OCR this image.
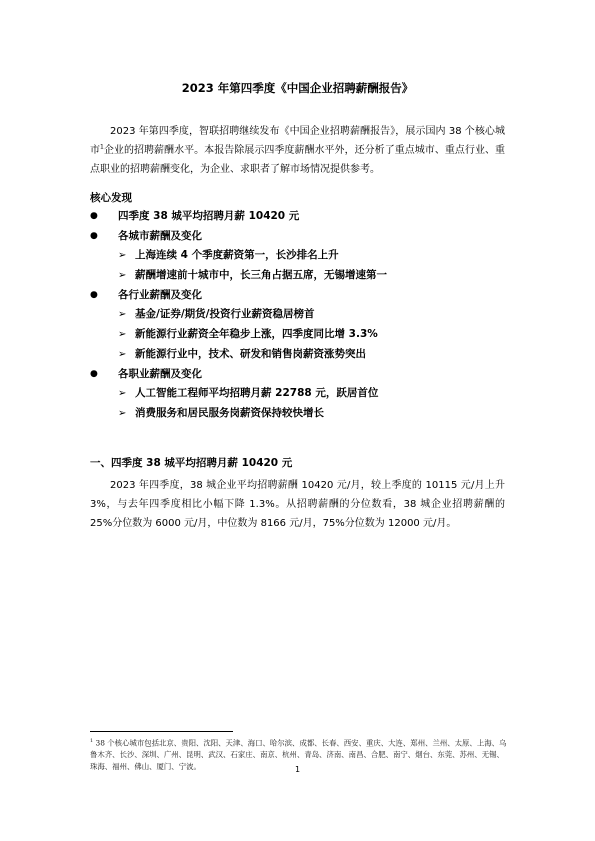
2023 年第四季度《中国企业招聘薪酬报告》

2023 年第四季度，智联招聘继续发布《中国企业招聘薪酬报告》，展示国内 38 个核心城市$^1$企业的招聘薪酬水平。本报告除展示四季度薪酬水平外，还分析了重点城市、重点行业、重点职业的招聘薪酬变化，为企业、求职者了解市场情况提供参考。

核心发现
● 四季度 38 城平均招聘月薪 10420 元
● 各城市薪酬及变化
➢ 上海连续 4 个季度薪资第一，长沙排名上升
➢ 薪酬增速前十城市中，长三角占据五席，无锡增速第一
● 各行业薪酬及变化
➢ 基金/证券/期货/投资行业薪资稳居榜首
➢ 新能源行业薪资全年稳步上涨，四季度同比增 3.3%
➢ 新能源行业中，技术、研发和销售岗薪资涨势突出
● 各职业薪酬及变化
➢ 人工智能工程师平均招聘月薪 22788 元，跃居首位
➢ 消费服务和居民服务岗薪资保持较快增长
一、四季度 38 城平均招聘月薪 10420 元

2023 年四季度，38 城企业平均招聘薪酬 10420 元/月，较上季度的 10115 元/月上升 3%，与去年四季度相比小幅下降 1.3%。从招聘薪酬的分位数看，38 城企业招聘薪酬的 25%分位数为 6000 元/月，中位数为 8166 元/月，75%分位数为 12000 元/月。

$^1$ 38 个核心城市包括北京、贵阳、沈阳、天津、海口、哈尔滨、成都、长春、西安、重庆、大连、郑州、兰州、太原、上海、乌鲁木齐、长沙、深圳、广州、昆明、武汉、石家庄、南京、杭州、青岛、济南、南昌、合肥、南宁、烟台、东莞、苏州、无锡、珠海、福州、佛山、厦门、宁波。	1
